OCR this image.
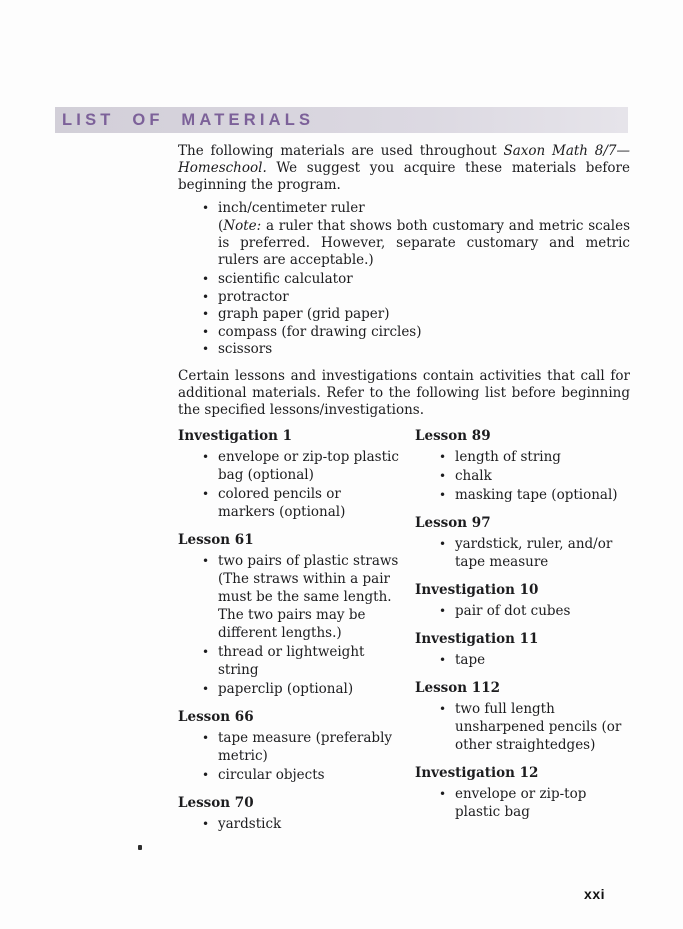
LIST OF MATERIALS

The following materials are used throughout Saxon Math 8/7—Homeschool. We suggest you acquire these materials before beginning the program.

• inch/centimeter ruler

(Note: a ruler that shows both customary and metric scales is preferred. However, separate customary and metric rulers are acceptable.)

• scientific calculator
• protractor
• graph paper (grid paper)
• compass (for drawing circles)
• scissors

Certain lessons and investigations contain activities that call for additional materials. Refer to the following list before beginning the specified lessons/investigations.

Investigation 1
• envelope or zip-top plastic bag (optional)
• colored pencils or markers (optional)
Lesson 61
• two pairs of plastic straws (The straws within a pair must be the same length. The two pairs may be different lengths.)
• thread or lightweight string
• paperclip (optional)
Lesson 66
• tape measure (preferably metric)
• circular objects
Lesson 70
• yardstick
Lesson 89
• length of string
• chalk
• masking tape (optional)
Lesson 97
• yardstick, ruler, and/or tape measure
Investigation 10
• pair of dot cubes
Investigation 11
• tape
Lesson 112
• two full length unsharpened pencils (or other straightedges)
Investigation 12
• envelope or zip-top plastic bag
xxi
